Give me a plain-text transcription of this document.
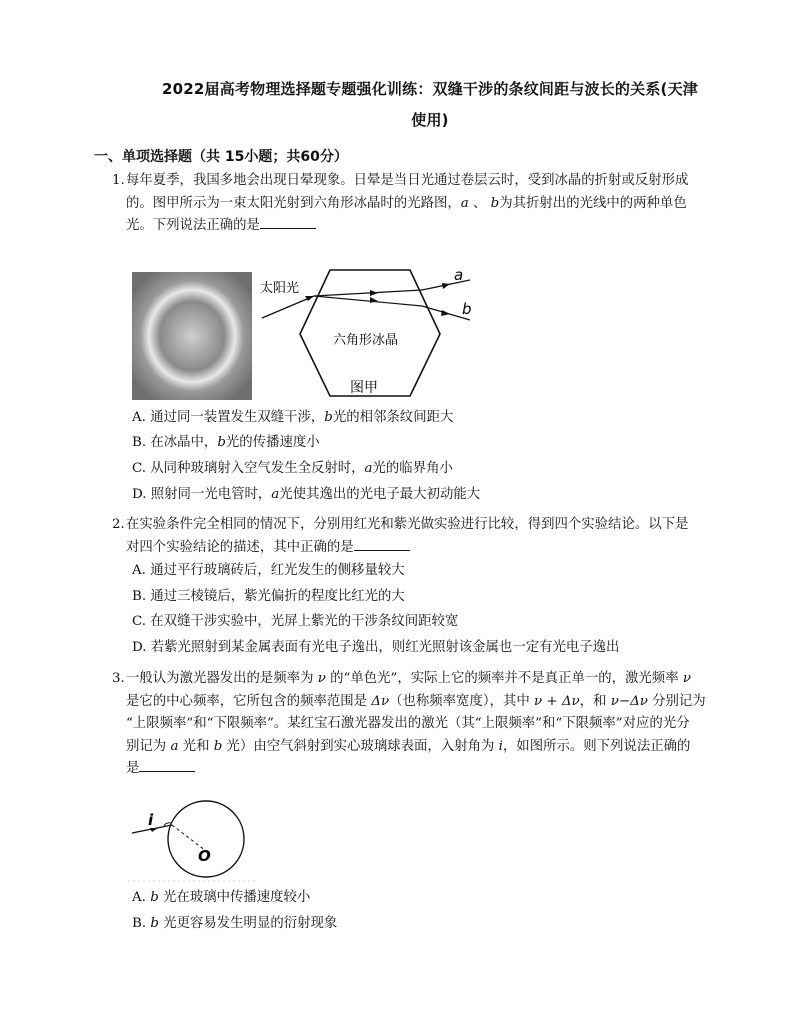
2022届高考物理选择题专题强化训练：双缝干涉的条纹间距与波长的关系(天津
使用)
一、单项选择题（共 15小题；共60分）
1.每年夏季，我国多地会出现日晕现象。日晕是当日光通过卷层云时，受到冰晶的折射或反射形成
的。图甲所示为一束太阳光射到六角形冰晶时的光路图，a 、 b为其折射出的光线中的两种单色
光。下列说法正确的是
太阳光
六角形冰晶
图甲
a
b
A. 通过同一装置发生双缝干涉，b光的相邻条纹间距大
B. 在冰晶中，b光的传播速度小
C. 从同种玻璃射入空气发生全反射时，a光的临界角小
D. 照射同一光电管时，a光使其逸出的光电子最大初动能大
2.在实验条件完全相同的情况下，分别用红光和紫光做实验进行比较，得到四个实验结论。以下是
对四个实验结论的描述，其中正确的是
A. 通过平行玻璃砖后，红光发生的侧移量较大
B. 通过三棱镜后，紫光偏折的程度比红光的大
C. 在双缝干涉实验中，光屏上紫光的干涉条纹间距较宽
D. 若紫光照射到某金属表面有光电子逸出，则红光照射该金属也一定有光电子逸出
3.一般认为激光器发出的是频率为 ν 的“单色光”，实际上它的频率并不是真正单一的，激光频率 ν
是它的中心频率，它所包含的频率范围是 Δν（也称频率宽度），其中 ν + Δν，和 ν−Δν 分别记为
“上限频率”和“下限频率”。某红宝石激光器发出的激光（其“上限频率”和“下限频率”对应的光分
别记为 a 光和 b 光）由空气斜射到实心玻璃球表面，入射角为 i，如图所示。则下列说法正确的
是
i
O
A. b 光在玻璃中传播速度较小
B. b 光更容易发生明显的衍射现象
